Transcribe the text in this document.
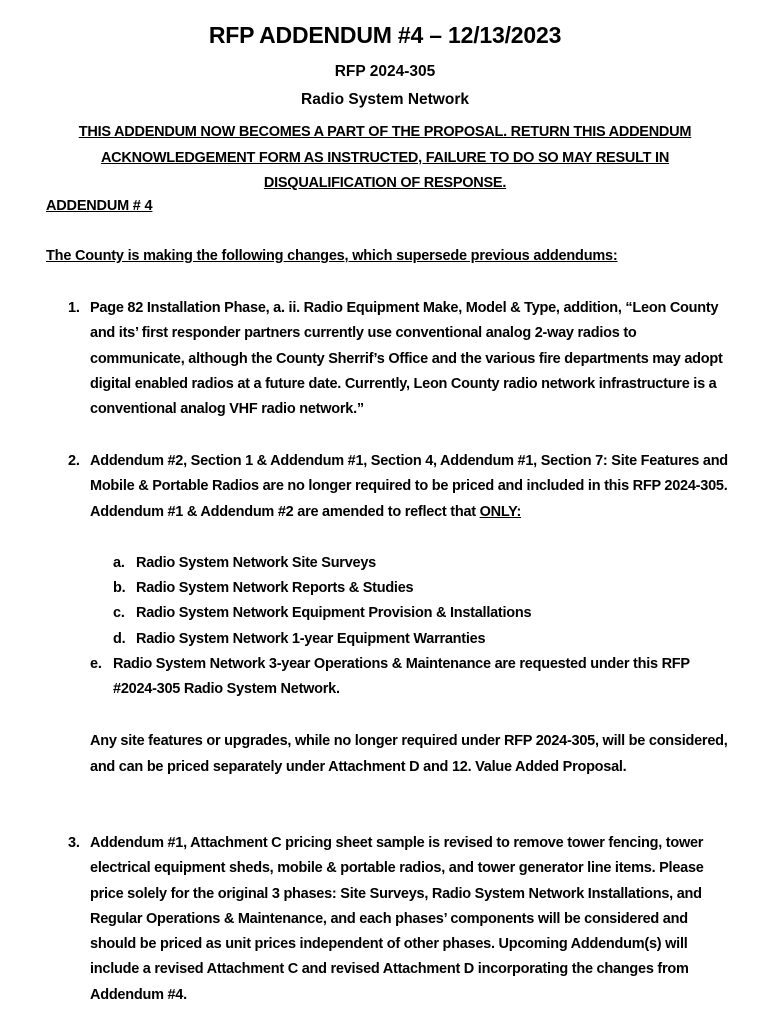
RFP ADDENDUM #4 – 12/13/2023
RFP 2024-305
Radio System Network
THIS ADDENDUM NOW BECOMES A PART OF THE PROPOSAL. RETURN THIS ADDENDUM ACKNOWLEDGEMENT FORM AS INSTRUCTED, FAILURE TO DO SO MAY RESULT IN DISQUALIFICATION OF RESPONSE.
ADDENDUM # 4
The County is making the following changes, which supersede previous addendums:
1. Page 82 Installation Phase, a. ii. Radio Equipment Make, Model & Type, addition, “Leon County and its’ first responder partners currently use conventional analog 2-way radios to communicate, although the County Sherrif’s Office and the various fire departments may adopt digital enabled radios at a future date. Currently, Leon County radio network infrastructure is a conventional analog VHF radio network.”
2. Addendum #2, Section 1 & Addendum #1, Section 4, Addendum #1, Section 7: Site Features and Mobile & Portable Radios are no longer required to be priced and included in this RFP 2024-305. Addendum #1 & Addendum #2 are amended to reflect that ONLY:
a. Radio System Network Site Surveys
b. Radio System Network Reports & Studies
c. Radio System Network Equipment Provision & Installations
d. Radio System Network 1-year Equipment Warranties
e. Radio System Network 3-year Operations & Maintenance are requested under this RFP #2024-305 Radio System Network.
Any site features or upgrades, while no longer required under RFP 2024-305, will be considered, and can be priced separately under Attachment D and 12. Value Added Proposal.
3. Addendum #1, Attachment C pricing sheet sample is revised to remove tower fencing, tower electrical equipment sheds, mobile & portable radios, and tower generator line items. Please price solely for the original 3 phases: Site Surveys, Radio System Network Installations, and Regular Operations & Maintenance, and each phases’ components will be considered and should be priced as unit prices independent of other phases. Upcoming Addendum(s) will include a revised Attachment C and revised Attachment D incorporating the changes from Addendum #4.
